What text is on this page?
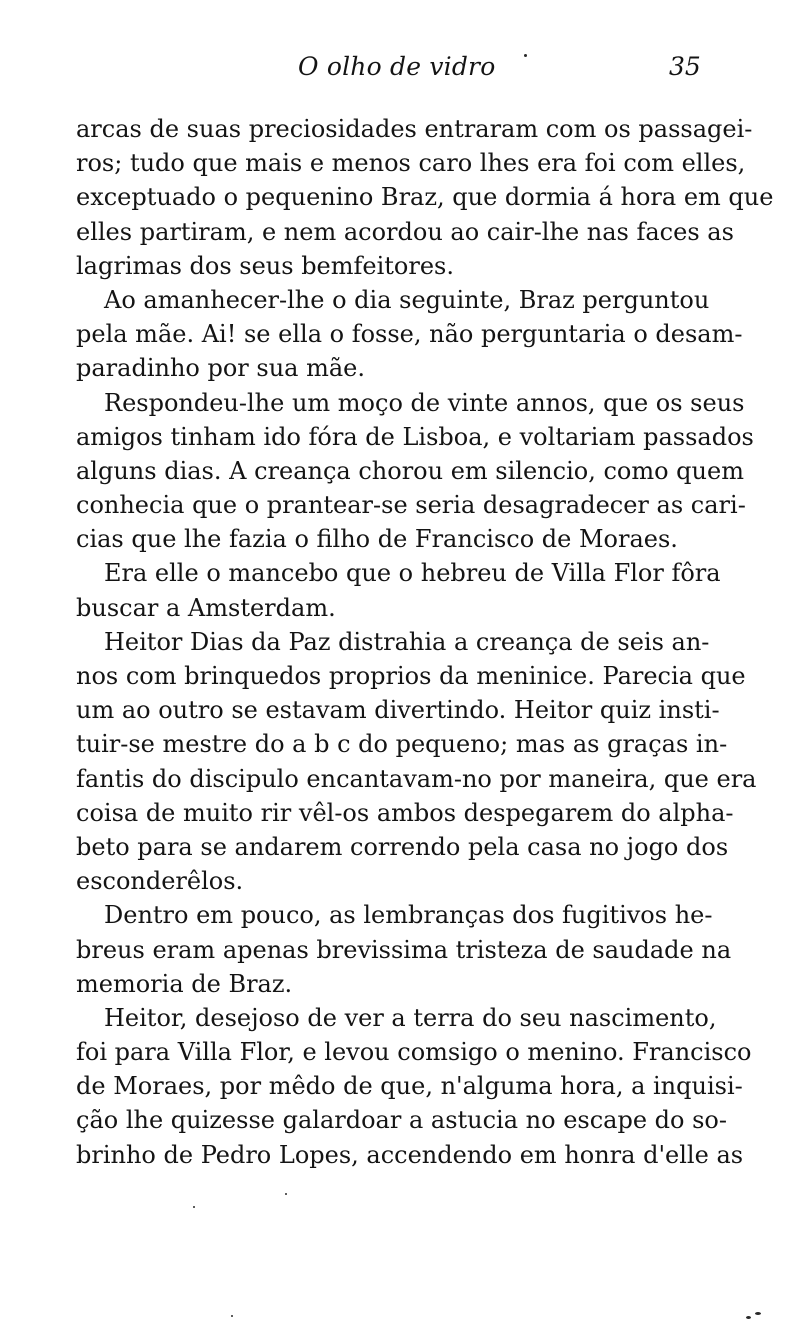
O olho de vidro	35
arcas de suas preciosidades entraram com os passagei-
ros; tudo que mais e menos caro lhes era foi com elles,
exceptuado o pequenino Braz, que dormia á hora em que
elles partiram, e nem acordou ao cair-lhe nas faces as
lagrimas dos seus bemfeitores.
Ao amanhecer-lhe o dia seguinte, Braz perguntou
pela mãe. Ai! se ella o fosse, não perguntaria o desam-
paradinho por sua mãe.
Respondeu-lhe um moço de vinte annos, que os seus
amigos tinham ido fóra de Lisboa, e voltariam passados
alguns dias. A creança chorou em silencio, como quem
conhecia que o prantear-se seria desagradecer as cari-
cias que lhe fazia o filho de Francisco de Moraes.
Era elle o mancebo que o hebreu de Villa Flor fôra
buscar a Amsterdam.
Heitor Dias da Paz distrahia a creança de seis an-
nos com brinquedos proprios da meninice. Parecia que
um ao outro se estavam divertindo. Heitor quiz insti-
tuir-se mestre do a b c do pequeno; mas as graças in-
fantis do discipulo encantavam-no por maneira, que era
coisa de muito rir vêl-os ambos despegarem do alpha-
beto para se andarem correndo pela casa no jogo dos
esconderêlos.
Dentro em pouco, as lembranças dos fugitivos he-
breus eram apenas brevissima tristeza de saudade na
memoria de Braz.
Heitor, desejoso de ver a terra do seu nascimento,
foi para Villa Flor, e levou comsigo o menino. Francisco
de Moraes, por mêdo de que, n'alguma hora, a inquisi-
ção lhe quizesse galardoar a astucia no escape do so-
brinho de Pedro Lopes, accendendo em honra d'elle as
